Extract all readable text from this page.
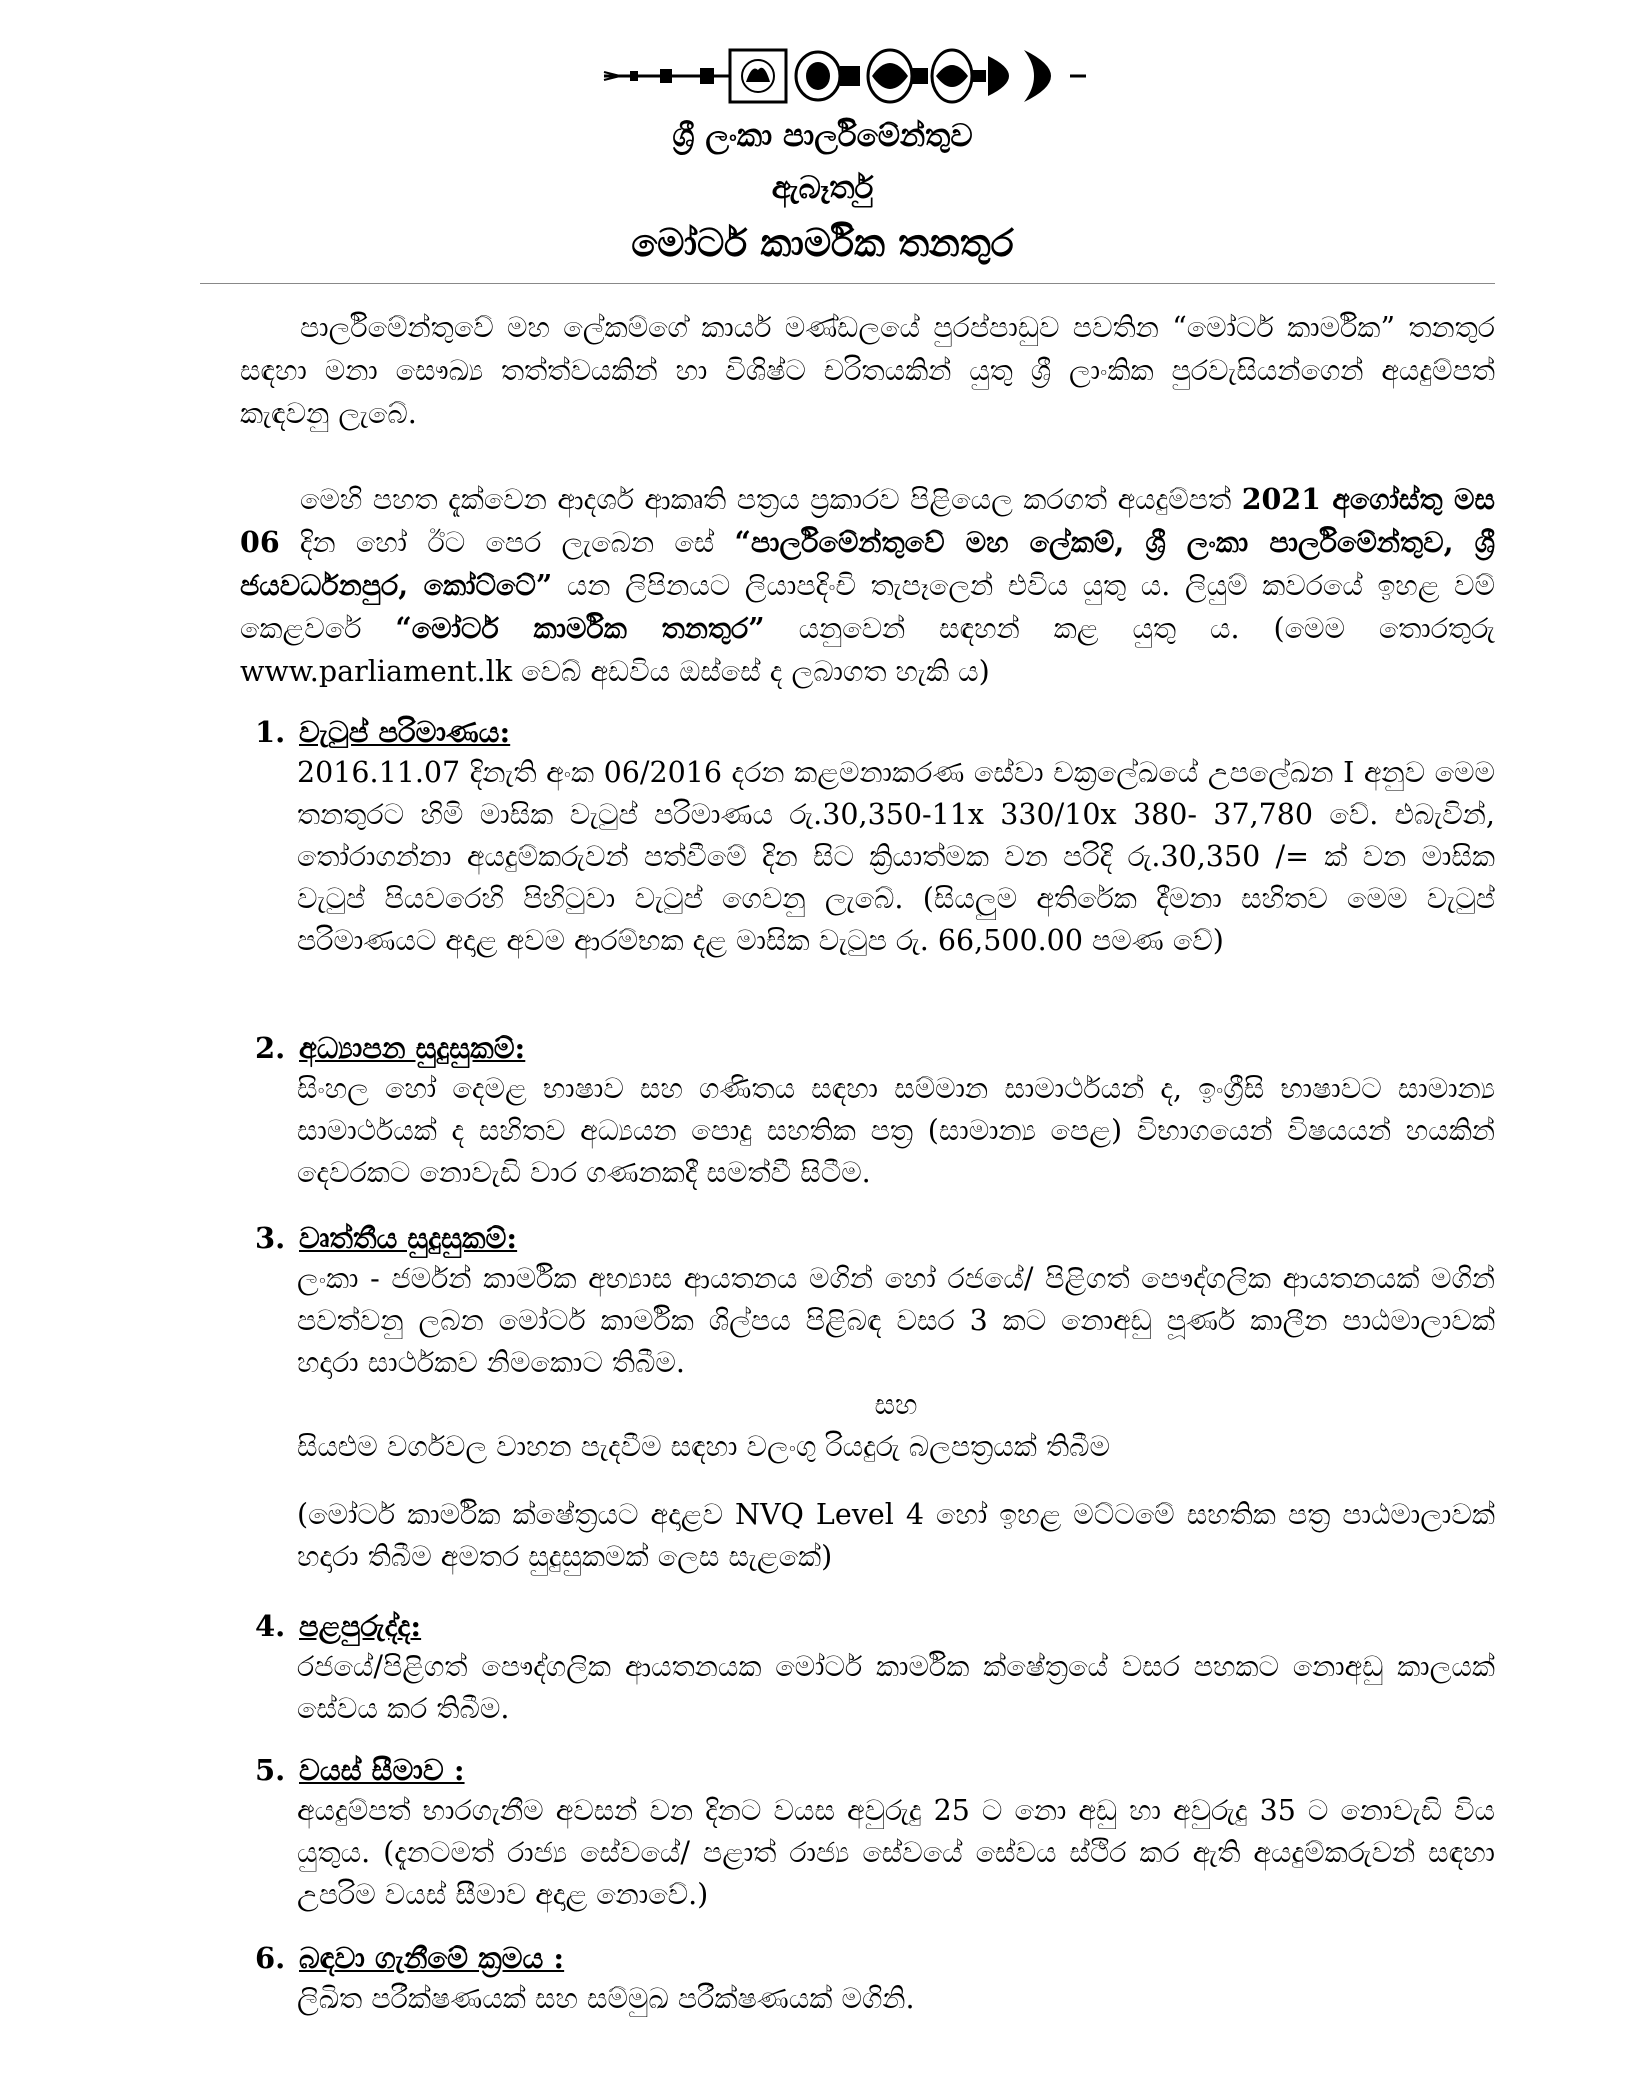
ශ්‍රී ලංකා පාර්ලිමේන්තුව
ඇබෑර්තු
මෝටර් කාර්මික තනතුර

පාර්ලිමේන්තුවේ මහ ලේකම්ගේ කාර්ය මණ්ඩලයේ පුරප්පාඩුව පවතින “මෝටර් කාර්මික” තනතුර සඳහා මනා සෞඛ්‍ය තත්ත්වයකින් හා විශිෂ්ට චරිතයකින් යුතු ශ්‍රී ලාංකික පුරවැසියන්ගෙන් අයදුම්පත් කැඳවනු ලැබේ.

මෙහි පහත දැක්වෙන ආදර්ශ ආකෘති පත්‍රය ප්‍රකාරව පිළියෙල කරගත් අයදුම්පත් 2021 අගෝස්තු මස 06 දින හෝ ඊට පෙර ලැබෙන සේ “පාර්ලිමේන්තුවේ මහ ලේකම්, ශ්‍රී ලංකා පාර්ලිමේන්තුව, ශ්‍රී ජයවර්ධනපුර, කෝට්ටේ” යන ලිපිනයට ලියාපදිංචි තැපෑලෙන් එවිය යුතු ය. ලියුම් කවරයේ ඉහළ වම් කෙළවරේ “මෝටර් කාර්මික තනතුර” යනුවෙන් සඳහන් කළ යුතු ය. (මෙම තොරතුරු www.parliament.lk වෙබ් අඩවිය ඔස්සේ ද ලබාගත හැකි ය)

1. වැටුප් පරිමාණය:
2016.11.07 දිනැති අංක 06/2016 දරන කළමනාකරණ සේවා චක්‍රලේඛයේ උපලේඛන I අනුව මෙම තනතුරට හිමි මාසික වැටුප් පරිමාණය රු.30,350-11x 330/10x 380- 37,780 වේ. එබැවින්, තෝරාගන්නා අයදුම්කරුවන් පත්වීමේ දින සිට ක්‍රියාත්මක වන පරිදි රු.30,350 /= ක් වන මාසික වැටුප් පියවරෙහි පිහිටුවා වැටුප් ගෙවනු ලැබේ. (සියලුම අතිරේක දීමනා සහිතව මෙම වැටුප් පරිමාණයට අදාළ අවම ආරම්භක දළ මාසික වැටුප රු. 66,500.00 පමණ වේ)
2. අධ්‍යාපන සුදුසුකම්:
සිංහල හෝ දෙමළ භාෂාව සහ ගණිතය සඳහා සම්මාන සාමාර්ථයන් ද, ඉංග්‍රීසි භාෂාවට සාමාන්‍ය සාමාර්ථයක් ද සහිතව අධ්‍යයන පොදු සහතික පත්‍ර (සාමාන්‍ය පෙළ) විභාගයෙන් විෂයයන් හයකින් දෙවරකට නොවැඩි වාර ගණනකදී සමත්වී සිටීම.
3. වෘත්තීය සුදුසුකම්:
ලංකා - ජර්මන් කාර්මික අභ්‍යාස ආයතනය මගින් හෝ රජයේ/ පිළිගත් පෞද්ගලික ආයතනයක් මගින් පවත්වනු ලබන මෝටර් කාර්මික ශිල්පය පිළිබඳ වසර 3 කට නොඅඩු පූර්ණ කාලීන පාඨමාලාවක් හදාරා සාර්ථකව නිමකොට තිබීම.
සහ
සියළුම වර්ගවල වාහන පැදවීම සඳහා වලංගු රියදුරු බලපත්‍රයක් තිබීම
(මෝටර් කාර්මික ක්ෂේත්‍රයට අදාළව NVQ Level 4 හෝ ඉහළ මට්ටමේ සහතික පත්‍ර පාඨමාලාවක් හදාරා තිබීම අමතර සුදුසුකමක් ලෙස සැළකේ)
4. පළපුරුද්ද:
රජයේ/පිළිගත් පෞද්ගලික ආයතනයක මෝටර් කාර්මික ක්ෂේත්‍රයේ වසර පහකට නොඅඩු කාලයක් සේවය කර තිබීම.
5. වයස් සීමාව :
අයදුම්පත් භාරගැනීම අවසන් වන දිනට වයස අවුරුදු 25 ට නො අඩු හා අවුරුදු 35 ට නොවැඩි විය යුතුය. (දැනටමත් රාජ්‍ය සේවයේ/ පළාත් රාජ්‍ය සේවයේ සේවය ස්ථිර කර ඇති අයදුම්කරුවන් සඳහා උපරිම වයස් සීමාව අදාළ නොවේ.)
6. බඳවා ගැනීමේ ක්‍රමය :
ලිඛිත පරීක්ෂණයක් සහ සම්මුඛ පරීක්ෂණයක් මගිනි.
